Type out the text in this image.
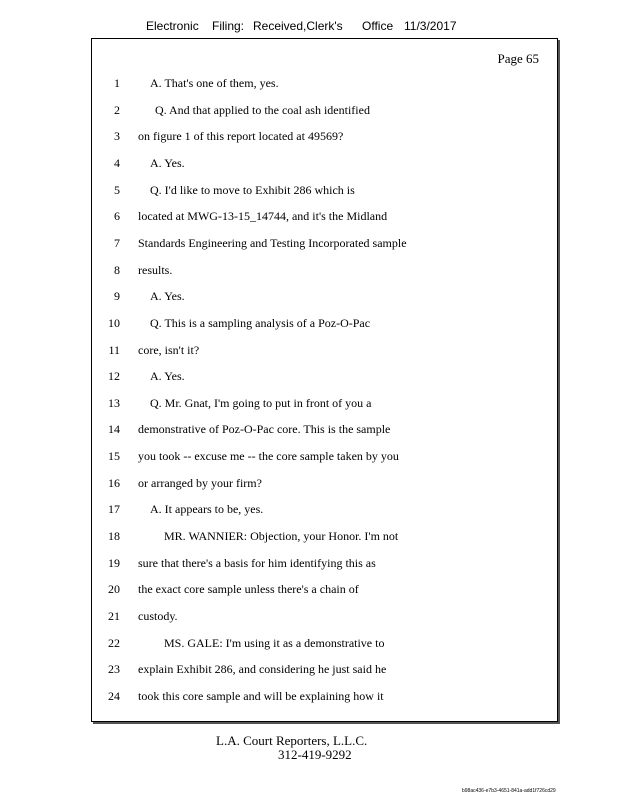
Electronic Filing: Received,Clerk's Office 11/3/2017
Page 65
1	A. That's one of them, yes.
2	Q. And that applied to the coal ash identified
3 on figure 1 of this report located at 49569?
4	A. Yes.
5	Q. I'd like to move to Exhibit 286 which is
6 located at MWG-13-15_14744, and it's the Midland
7 Standards Engineering and Testing Incorporated sample
8 results.
9	A. Yes.
10	Q. This is a sampling analysis of a Poz-O-Pac
11 core, isn't it?
12	A. Yes.
13	Q. Mr. Gnat, I'm going to put in front of you a
14 demonstrative of Poz-O-Pac core. This is the sample
15 you took -- excuse me -- the core sample taken by you
16 or arranged by your firm?
17	A. It appears to be, yes.
18	MR. WANNIER: Objection, your Honor. I'm not
19 sure that there's a basis for him identifying this as
20 the exact core sample unless there's a chain of
21 custody.
22	MS. GALE: I'm using it as a demonstrative to
23 explain Exhibit 286, and considering he just said he
24 took this core sample and will be explaining how it
L.A. Court Reporters, L.L.C.
312-419-9292
b98ac436-e7b3-4651-841a-add1f726cd29
